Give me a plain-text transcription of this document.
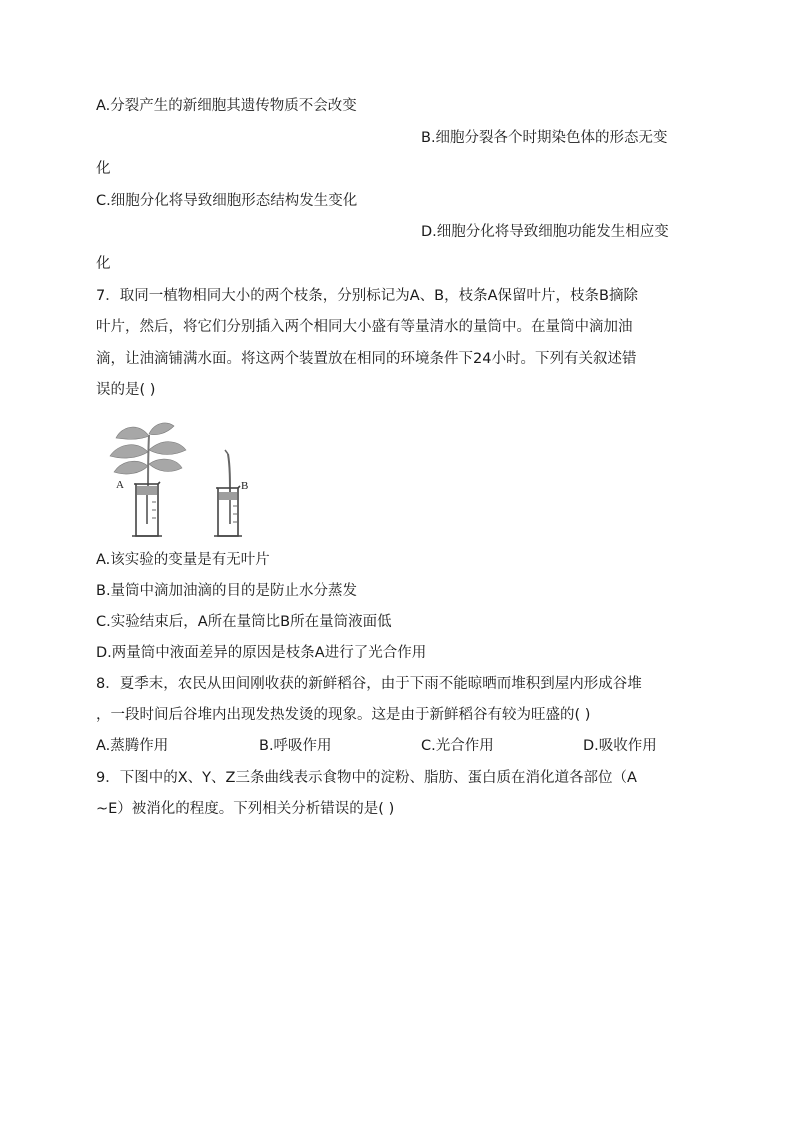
A.分裂产生的新细胞其遗传物质不会改变
B.细胞分裂各个时期染色体的形态无变
化
C.细胞分化将导致细胞形态结构发生变化
D.细胞分化将导致细胞功能发生相应变
化
7．取同一植物相同大小的两个枝条，分别标记为A、B，枝条A保留叶片，枝条B摘除
叶片，然后，将它们分别插入两个相同大小盛有等量清水的量筒中。在量筒中滴加油
滴，让油滴铺满水面。将这两个装置放在相同的环境条件下24小时。下列有关叙述错
误的是( )
A	B
A.该实验的变量是有无叶片
B.量筒中滴加油滴的目的是防止水分蒸发
C.实验结束后，A所在量筒比B所在量筒液面低
D.两量筒中液面差异的原因是枝条A进行了光合作用
8．夏季末，农民从田间刚收获的新鲜稻谷，由于下雨不能晾晒而堆积到屋内形成谷堆
，一段时间后谷堆内出现发热发烫的现象。这是由于新鲜稻谷有较为旺盛的( )
A.蒸腾作用	B.呼吸作用	C.光合作用	D.吸收作用
9．下图中的X、Y、Z三条曲线表示食物中的淀粉、脂肪、蛋白质在消化道各部位（A
~E）被消化的程度。下列相关分析错误的是( )
